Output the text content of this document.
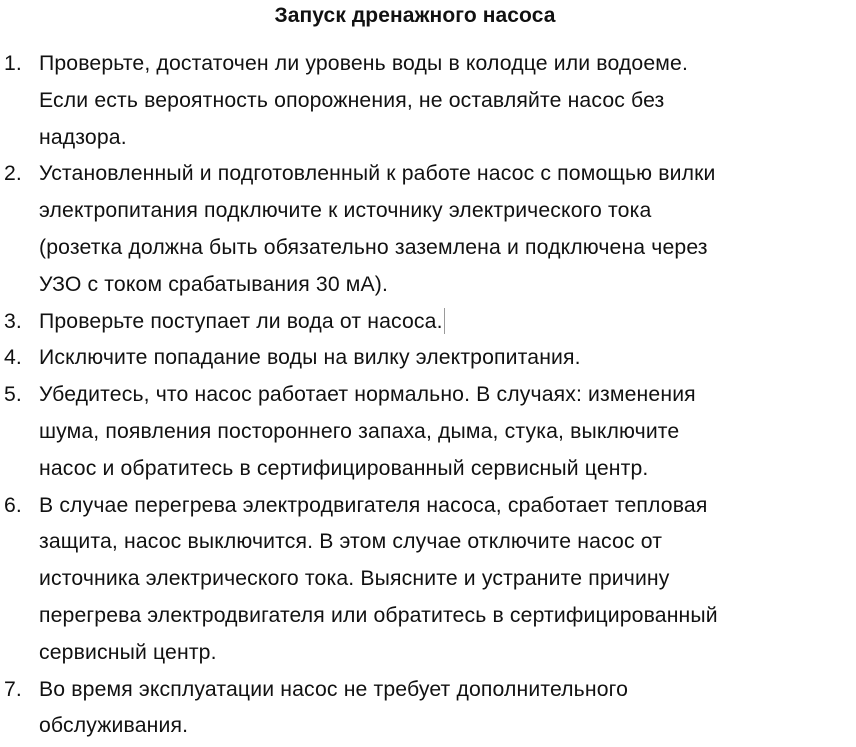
Запуск дренажного насоса
1. Проверьте, достаточен ли уровень воды в колодце или водоеме.
Если есть вероятность опорожнения, не оставляйте насос без
надзора.
2. Установленный и подготовленный к работе насос с помощью вилки
электропитания подключите к источнику электрического тока
(розетка должна быть обязательно заземлена и подключена через
УЗО с током срабатывания 30 мА).
3. Проверьте поступает ли вода от насоса.
4. Исключите попадание воды на вилку электропитания.
5. Убедитесь, что насос работает нормально. В случаях: изменения
шума, появления постороннего запаха, дыма, стука, выключите
насос и обратитесь в сертифицированный сервисный центр.
6. В случае перегрева электродвигателя насоса, сработает тепловая
защита, насос выключится. В этом случае отключите насос от
источника электрического тока. Выясните и устраните причину
перегрева электродвигателя или обратитесь в сертифицированный
сервисный центр.
7. Во время эксплуатации насос не требует дополнительного
обслуживания.
